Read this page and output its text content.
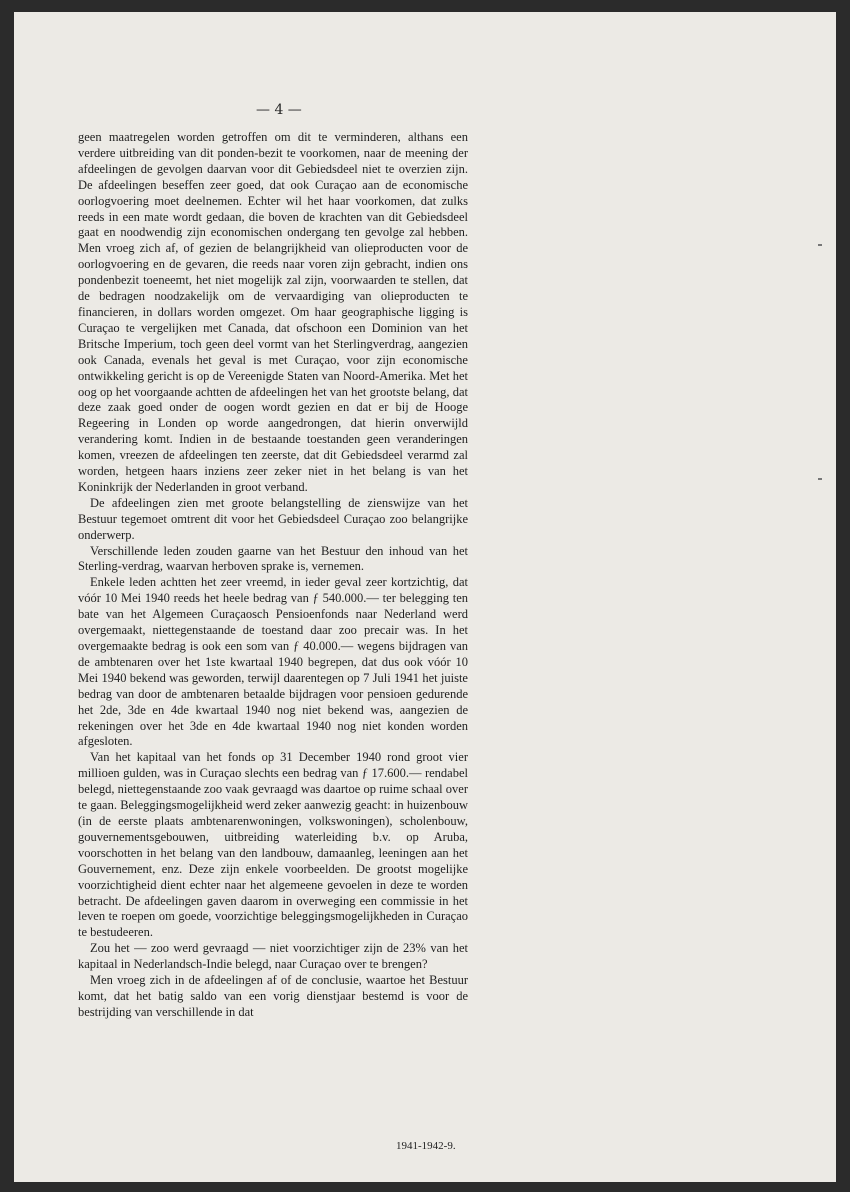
— 4 —

geen maatregelen worden getroffen om dit te verminderen, althans een verdere uitbreiding van dit ponden-bezit te voorkomen, naar de meening der afdeelingen de gevolgen daarvan voor dit Gebiedsdeel niet te overzien zijn. De afdeelingen beseffen zeer goed, dat ook Curaçao aan de economische oorlogvoering moet deelnemen. Echter wil het haar voorkomen, dat zulks reeds in een mate wordt gedaan, die boven de krachten van dit Gebiedsdeel gaat en noodwendig zijn economischen ondergang ten gevolge zal hebben. Men vroeg zich af, of gezien de belangrijkheid van olieproducten voor de oorlogvoering en de gevaren, die reeds naar voren zijn gebracht, indien ons pondenbezit toeneemt, het niet mogelijk zal zijn, voorwaarden te stellen, dat de bedragen noodzakelijk om de vervaardiging van olieproducten te financieren, in dollars worden omgezet. Om haar geographische ligging is Curaçao te vergelijken met Canada, dat ofschoon een Dominion van het Britsche Imperium, toch geen deel vormt van het Sterlingverdrag, aangezien ook Canada, evenals het geval is met Curaçao, voor zijn economische ontwikkeling gericht is op de Vereenigde Staten van Noord-Amerika. Met het oog op het voorgaande achtten de afdeelingen het van het grootste belang, dat deze zaak goed onder de oogen wordt gezien en dat er bij de Hooge Regeering in Londen op worde aangedrongen, dat hierin onverwijld verandering komt. Indien in de bestaande toestanden geen veranderingen komen, vreezen de afdeelingen ten zeerste, dat dit Gebiedsdeel verarmd zal worden, hetgeen haars inziens zeer zeker niet in het belang is van het Koninkrijk der Nederlanden in groot verband.

De afdeelingen zien met groote belangstelling de zienswijze van het Bestuur tegemoet omtrent dit voor het Gebiedsdeel Curaçao zoo belangrijke onderwerp.

Verschillende leden zouden gaarne van het Bestuur den inhoud van het Sterling-verdrag, waarvan herboven sprake is, vernemen.

Enkele leden achtten het zeer vreemd, in ieder geval zeer kortzichtig, dat vóór 10 Mei 1940 reeds het heele bedrag van ƒ 540.000.— ter belegging ten bate van het Algemeen Curaçaosch Pensioenfonds naar Nederland werd overgemaakt, niettegenstaande de toestand daar zoo precair was. In het overgemaakte bedrag is ook een som van ƒ 40.000.— wegens bijdragen van de ambtenaren over het 1ste kwartaal 1940 begrepen, dat dus ook vóór 10 Mei 1940 bekend was geworden, terwijl daarentegen op 7 Juli 1941 het juiste bedrag van door de ambtenaren betaalde bijdragen voor pensioen gedurende het 2de, 3de en 4de kwartaal 1940 nog niet bekend was, aangezien de rekeningen over het 3de en 4de kwartaal 1940 nog niet konden worden afgesloten.

Van het kapitaal van het fonds op 31 December 1940 rond groot vier millioen gulden, was in Curaçao slechts een bedrag van ƒ 17.600.— rendabel belegd, niettegenstaande zoo vaak gevraagd was daartoe op ruime schaal over te gaan. Beleggingsmogelijkheid werd zeker aanwezig geacht: in huizenbouw (in de eerste plaats ambtenarenwoningen, volkswoningen), scholenbouw, gouvernementsgebouwen, uitbreiding waterleiding b.v. op Aruba, voorschotten in het belang van den landbouw, damaanleg, leeningen aan het Gouvernement, enz. Deze zijn enkele voorbeelden. De grootst mogelijke voorzichtigheid dient echter naar het algemeene gevoelen in deze te worden betracht. De afdeelingen gaven daarom in overweging een commissie in het leven te roepen om goede, voorzichtige beleggingsmogelijkheden in Curaçao te bestudeeren.

Zou het — zoo werd gevraagd — niet voorzichtiger zijn de 23% van het kapitaal in Nederlandsch-Indie belegd, naar Curaçao over te brengen?

Men vroeg zich in de afdeelingen af of de conclusie, waartoe het Bestuur komt, dat het batig saldo van een vorig dienstjaar bestemd is voor de bestrijding van verschillende in dat

1941-1942-9.
